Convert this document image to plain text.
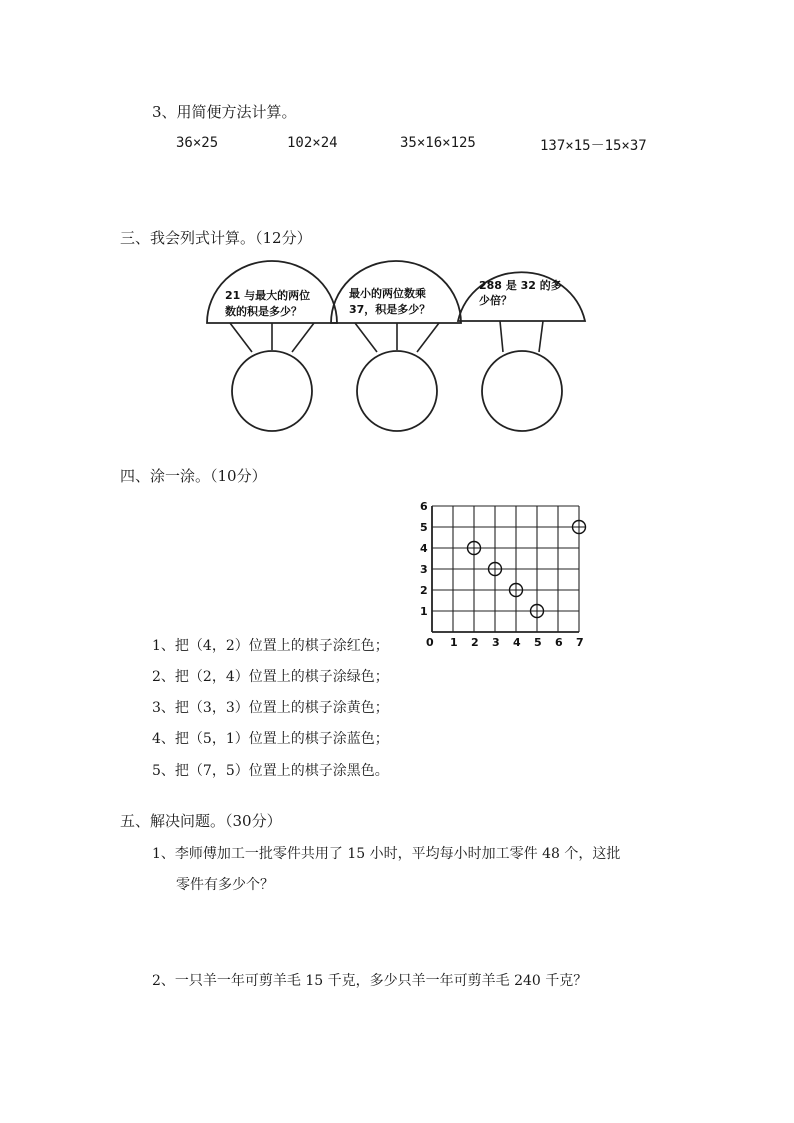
3、用简便方法计算。
36×25	102×24	35×16×125	137×15－15×37
三、我会列式计算。（12分）
21 与最大的两位
数的积是多少？
最小的两位数乘
37，积是多少？
288 是 32 的多
少倍？
四、涂一涂。（10分）
0 1 2 3 4 5 6 7
1
2
3
4
5
6
1、把（4，2）位置上的棋子涂红色；
2、把（2，4）位置上的棋子涂绿色；
3、把（3，3）位置上的棋子涂黄色；
4、把（5，1）位置上的棋子涂蓝色；
5、把（7，5）位置上的棋子涂黑色。
五、解决问题。（30分）
1、李师傅加工一批零件共用了 15 小时，平均每小时加工零件 48 个，这批
零件有多少个？
2、一只羊一年可剪羊毛 15 千克，多少只羊一年可剪羊毛 240 千克？
